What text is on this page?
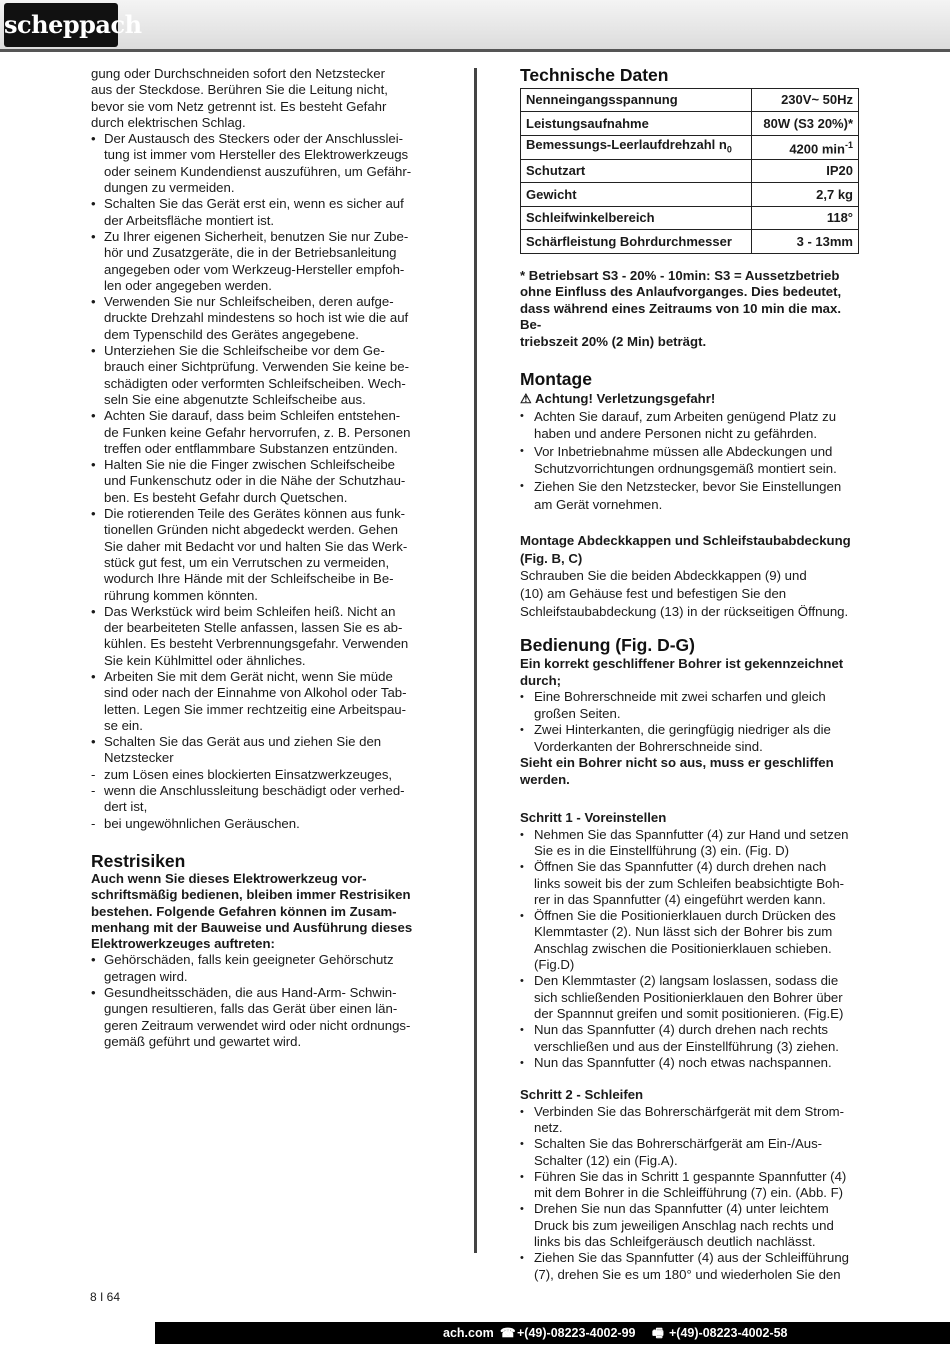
scheppach

gung oder Durchschneiden sofort den Netzstecker
aus der Steckdose. Berühren Sie die Leitung nicht,
bevor sie vom Netz getrennt ist. Es besteht Gefahr
durch elektrischen Schlag.

• Der Austausch des Steckers oder der Anschlusslei-
tung ist immer vom Hersteller des Elektrowerkzeugs
oder seinem Kundendienst auszuführen, um Gefähr-
dungen zu vermeiden.
• Schalten Sie das Gerät erst ein, wenn es sicher auf
der Arbeitsfläche montiert ist.
• Zu Ihrer eigenen Sicherheit, benutzen Sie nur Zube-
hör und Zusatzgeräte, die in der Betriebsanleitung
angegeben oder vom Werkzeug-Hersteller empfoh-
len oder angegeben werden.
• Verwenden Sie nur Schleifscheiben, deren aufge-
druckte Drehzahl mindestens so hoch ist wie die auf
dem Typenschild des Gerätes angegebene.
• Unterziehen Sie die Schleifscheibe vor dem Ge-
brauch einer Sichtprüfung. Verwenden Sie keine be-
schädigten oder verformten Schleifscheiben. Wech-
seln Sie eine abgenutzte Schleifscheibe aus.
• Achten Sie darauf, dass beim Schleifen entstehen-
de Funken keine Gefahr hervorrufen, z. B. Personen
treffen oder entflammbare Substanzen entzünden.
• Halten Sie nie die Finger zwischen Schleifscheibe
und Funkenschutz oder in die Nähe der Schutzhau-
ben. Es besteht Gefahr durch Quetschen.
• Die rotierenden Teile des Gerätes können aus funk-
tionellen Gründen nicht abgedeckt werden. Gehen
Sie daher mit Bedacht vor und halten Sie das Werk-
stück gut fest, um ein Verrutschen zu vermeiden,
wodurch Ihre Hände mit der Schleifscheibe in Be-
rührung kommen könnten.
• Das Werkstück wird beim Schleifen heiß. Nicht an
der bearbeiteten Stelle anfassen, lassen Sie es ab-
kühlen. Es besteht Verbrennungsgefahr. Verwenden
Sie kein Kühlmittel oder ähnliches.
• Arbeiten Sie mit dem Gerät nicht, wenn Sie müde
sind oder nach der Einnahme von Alkohol oder Tab-
letten. Legen Sie immer rechtzeitig eine Arbeitspau-
se ein.
• Schalten Sie das Gerät aus und ziehen Sie den
Netzstecker
- zum Lösen eines blockierten Einsatzwerkzeuges,
- wenn die Anschlussleitung beschädigt oder verhed-
dert ist,
- bei ungewöhnlichen Geräuschen.
Restrisiken

Auch wenn Sie dieses Elektrowerkzeug vor-
schriftsmäßig bedienen, bleiben immer Restrisiken
bestehen. Folgende Gefahren können im Zusam-
menhang mit der Bauweise und Ausführung dieses
Elektrowerkzeuges auftreten:

• Gehörschäden, falls kein geeigneter Gehörschutz
getragen wird.
• Gesundheitsschäden, die aus Hand-Arm- Schwin-
gungen resultieren, falls das Gerät über einen län-
geren Zeitraum verwendet wird oder nicht ordnungs-
gemäß geführt und gewartet wird.
Technische Daten
Nenneingangsspannung	230V~ 50Hz
Leistungsaufnahme	80W (S3 20%)*
Bemessungs-Leerlaufdrehzahl $n_0$	4200 $\min^{-1}$
Schutzart	IP20
Gewicht	2,7 kg
Schleifwinkelbereich	118°
Schärfleistung Bohrdurchmesser	3 - 13mm

* Betriebsart S3 - 20% - 10min: S3 = Aussetzbetrieb
ohne Einfluss des Anlaufvorganges. Dies bedeutet,
dass während eines Zeitraums von 10 min die max. Be-
triebszeit 20% (2 Min) beträgt.

Montage

⚠ Achtung! Verletzungsgefahr!

• Achten Sie darauf, zum Arbeiten genügend Platz zu
haben und andere Personen nicht zu gefährden.
• Vor Inbetriebnahme müssen alle Abdeckungen und
Schutzvorrichtungen ordnungsgemäß montiert sein.
• Ziehen Sie den Netzstecker, bevor Sie Einstellungen
am Gerät vornehmen.

Montage Abdeckkappen und Schleifstaubabdeckung
(Fig. B, C)

Schrauben Sie die beiden Abdeckkappen (9) und
(10) am Gehäuse fest und befestigen Sie den
Schleifstaubabdeckung (13) in der rückseitigen Öffnung.

Bedienung (Fig. D-G)

Ein korrekt geschliffener Bohrer ist gekennzeichnet
durch;

• Eine Bohrerschneide mit zwei scharfen und gleich
großen Seiten.
• Zwei Hinterkanten, die geringfügig niedriger als die
Vorderkanten der Bohrerschneide sind.

Sieht ein Bohrer nicht so aus, muss er geschliffen
werden.

Schritt 1 - Voreinstellen

• Nehmen Sie das Spannfutter (4) zur Hand und setzen
Sie es in die Einstellführung (3) ein. (Fig. D)
• Öffnen Sie das Spannfutter (4) durch drehen nach
links soweit bis der zum Schleifen beabsichtigte Boh-
rer in das Spannfutter (4) eingeführt werden kann.
• Öffnen Sie die Positionierklauen durch Drücken des
Klemmtaster (2). Nun lässt sich der Bohrer bis zum
Anschlag zwischen die Positionierklauen schieben.
(Fig.D)
• Den Klemmtaster (2) langsam loslassen, sodass die
sich schließenden Positionierklauen den Bohrer über
der Spannnut greifen und somit positionieren. (Fig.E)
• Nun das Spannfutter (4) durch drehen nach rechts
verschließen und aus der Einstellführung (3) ziehen.
• Nun das Spannfutter (4) noch etwas nachspannen.

Schritt 2 - Schleifen

• Verbinden Sie das Bohrerschärfgerät mit dem Strom-
netz.
• Schalten Sie das Bohrerschärfgerät am Ein-/Aus-
Schalter (12) ein (Fig.A).
• Führen Sie das in Schritt 1 gespannte Spannfutter (4)
mit dem Bohrer in die Schleifführung (7) ein. (Abb. F)
• Drehen Sie nun das Spannfutter (4) unter leichtem
Druck bis zum jeweiligen Anschlag nach rechts und
links bis das Schleifgeräusch deutlich nachlässt.
• Ziehen Sie das Spannfutter (4) aus der Schleifführung
(7), drehen Sie es um 180° und wiederholen Sie den
8 I 64
ach.com ☎ +(49)-08223-4002-99 🖷 +(49)-08223-4002-58
